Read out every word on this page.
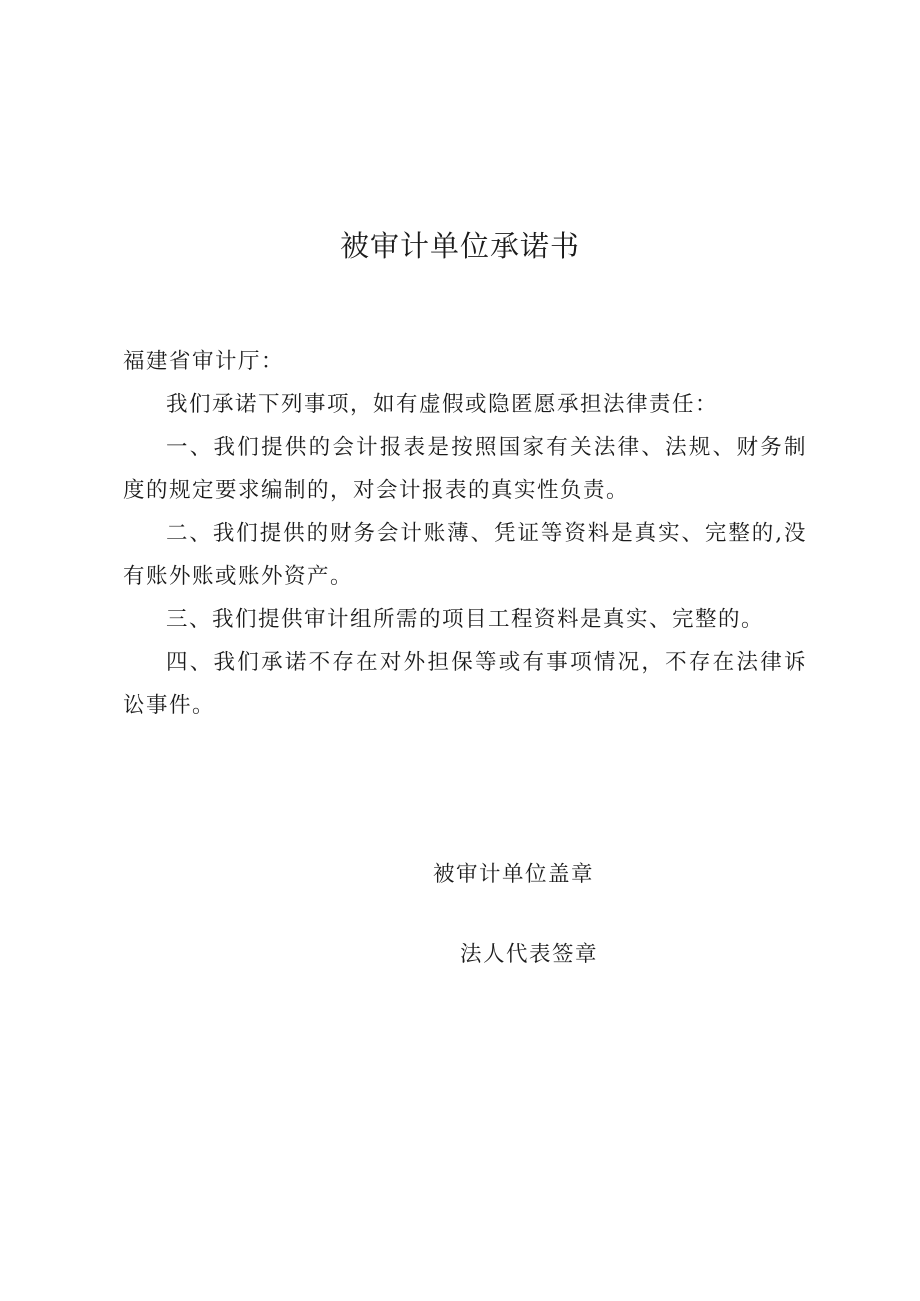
被审计单位承诺书

福建省审计厅：

我们承诺下列事项，如有虚假或隐匿愿承担法律责任：

一、我们提供的会计报表是按照国家有关法律、法规、财务制度的规定要求编制的，对会计报表的真实性负责。

二、我们提供的财务会计账薄、凭证等资料是真实、完整的,没有账外账或账外资产。

三、我们提供审计组所需的项目工程资料是真实、完整的。

四、我们承诺不存在对外担保等或有事项情况，不存在法律诉讼事件。

被审计单位盖章
法人代表签章
